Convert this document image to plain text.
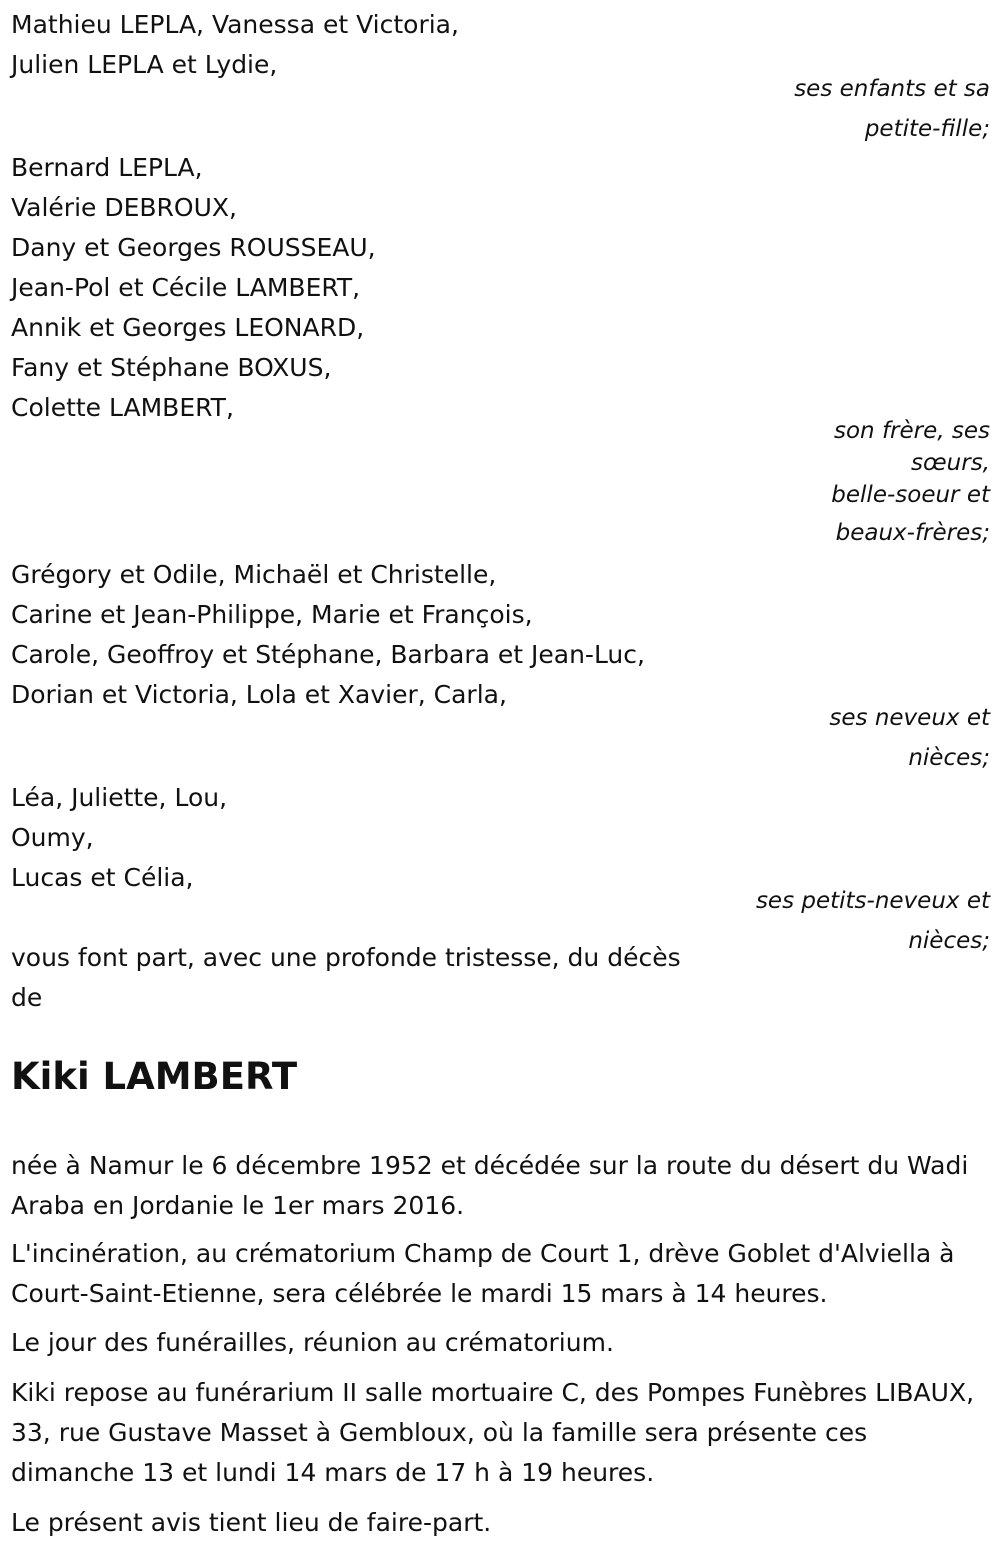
Mathieu LEPLA, Vanessa et Victoria,

Julien LEPLA et Lydie,

ses enfants et sa
petite-fille;

Bernard LEPLA,

Valérie DEBROUX,

Dany et Georges ROUSSEAU,

Jean-Pol et Cécile LAMBERT,

Annik et Georges LEONARD,

Fany et Stéphane BOXUS,

Colette LAMBERT,

son frère, ses
sœurs,
belle-soeur et
beaux-frères;

Grégory et Odile, Michaël et Christelle,

Carine et Jean-Philippe, Marie et François,

Carole, Geoffroy et Stéphane, Barbara et Jean-Luc,

Dorian et Victoria, Lola et Xavier, Carla,

ses neveux et
nièces;

Léa, Juliette, Lou,

Oumy,

Lucas et Célia,

ses petits-neveux et
nièces;

vous font part, avec une profonde tristesse, du décès

de

Kiki LAMBERT

née à Namur le 6 décembre 1952 et décédée sur la route du désert du Wadi Araba en Jordanie le 1er mars 2016.

L'incinération, au crématorium Champ de Court 1, drève Goblet d'Alviella à Court-Saint-Etienne, sera célébrée le mardi 15 mars à 14 heures.

Le jour des funérailles, réunion au crématorium.

Kiki repose au funérarium II salle mortuaire C, des Pompes Funèbres LIBAUX, 33, rue Gustave Masset à Gembloux, où la famille sera présente ces dimanche 13 et lundi 14 mars de 17 h à 19 heures.

Le présent avis tient lieu de faire-part.
